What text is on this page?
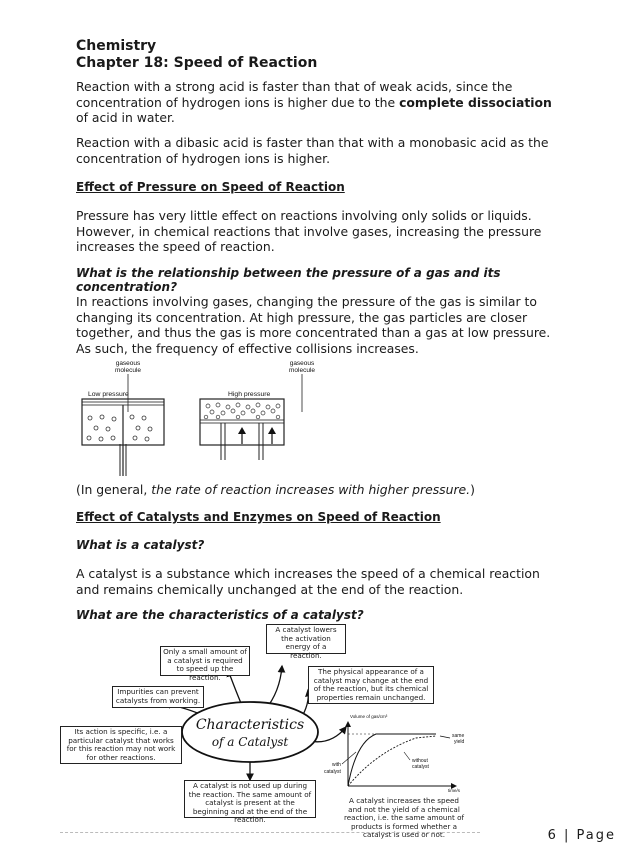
Chemistry
Chapter 18: Speed of Reaction
Reaction with a strong acid is faster than that of weak acids, since the concentration of hydrogen ions is higher due to the complete dissociation of acid in water.
Reaction with a dibasic acid is faster than that with a monobasic acid as the concentration of hydrogen ions is higher.
Effect of Pressure on Speed of Reaction
Pressure has very little effect on reactions involving only solids or liquids. However, in chemical reactions that involve gases, increasing the pressure increases the speed of reaction.
What is the relationship between the pressure of a gas and its concentration?
In reactions involving gases, changing the pressure of the gas is similar to changing its concentration. At high pressure, the gas particles are closer together, and thus the gas is more concentrated than a gas at low pressure. As such, the frequency of effective collisions increases.
gaseous
molecule
gaseous
molecule
Low pressure	High pressure
(In general, the rate of reaction increases with higher pressure.)
Effect of Catalysts and Enzymes on Speed of Reaction
What is a catalyst?
A catalyst is a substance which increases the speed of a chemical reaction and remains chemically unchanged at the end of the reaction.
What are the characteristics of a catalyst?
Characteristics
of a Catalyst
A catalyst lowers the activation energy of a reaction.
Only a small amount of a catalyst is required to speed up the reaction.
The physical appearance of a catalyst may change at the end of the reaction, but its chemical properties remain unchanged.
Impurities can prevent catalysts from working.
Its action is specific, i.e. a particular catalyst that works for this reaction may not work for other reactions.
A catalyst is not used up during the reaction. The same amount of catalyst is present at the beginning and at the end of the reaction.
Volume of gas/cm³
time/s
same
yield
with
catalyst
without
catalyst
A catalyst increases the speed and not the yield of a chemical reaction, i.e. the same amount of products is formed whether a catalyst is used or not.	6 | Page
